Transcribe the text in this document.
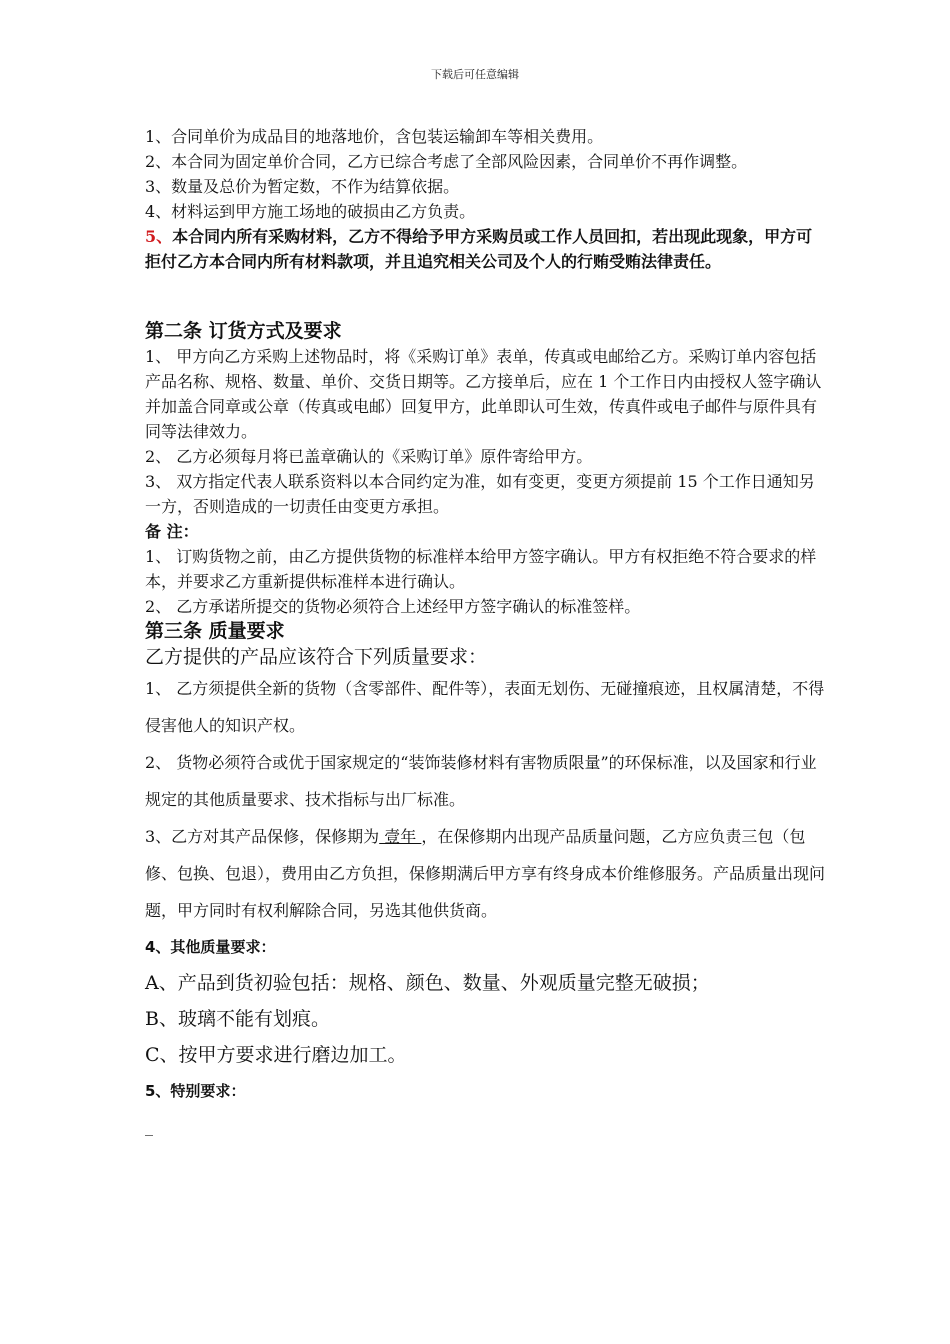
下载后可任意编辑

1、合同单价为成品目的地落地价，含包装运输卸车等相关费用。

2、本合同为固定单价合同，乙方已综合考虑了全部风险因素，合同单价不再作调整。

3、数量及总价为暂定数，不作为结算依据。

4、材料运到甲方施工场地的破损由乙方负责。

5、本合同内所有采购材料，乙方不得给予甲方采购员或工作人员回扣，若出现此现象，甲方可拒付乙方本合同内所有材料款项，并且追究相关公司及个人的行贿受贿法律责任。

第二条 订货方式及要求

1、 甲方向乙方采购上述物品时，将《采购订单》表单，传真或电邮给乙方。采购订单内容包括产品名称、规格、数量、单价、交货日期等。乙方接单后，应在 1 个工作日内由授权人签字确认并加盖合同章或公章（传真或电邮）回复甲方，此单即认可生效，传真件或电子邮件与原件具有同等法律效力。

2、 乙方必须每月将已盖章确认的《采购订单》原件寄给甲方。

3、 双方指定代表人联系资料以本合同约定为准，如有变更，变更方须提前 15 个工作日通知另一方，否则造成的一切责任由变更方承担。

备 注：

1、 订购货物之前，由乙方提供货物的标准样本给甲方签字确认。甲方有权拒绝不符合要求的样本，并要求乙方重新提供标准样本进行确认。

2、 乙方承诺所提交的货物必须符合上述经甲方签字确认的标准签样。

第三条 质量要求

乙方提供的产品应该符合下列质量要求：

1、 乙方须提供全新的货物（含零部件、配件等），表面无划伤、无碰撞痕迹，且权属清楚，不得侵害他人的知识产权。

2、 货物必须符合或优于国家规定的“装饰装修材料有害物质限量”的环保标准，以及国家和行业规定的其他质量要求、技术指标与出厂标准。

3、乙方对其产品保修，保修期为 壹年 ，在保修期内出现产品质量问题，乙方应负责三包（包修、包换、包退），费用由乙方负担，保修期满后甲方享有终身成本价维修服务。产品质量出现问题，甲方同时有权利解除合同，另选其他供货商。

4、其他质量要求：

A、产品到货初验包括：规格、颜色、数量、外观质量完整无破损；

B、玻璃不能有划痕。

C、按甲方要求进行磨边加工。

5、特别要求：

_
